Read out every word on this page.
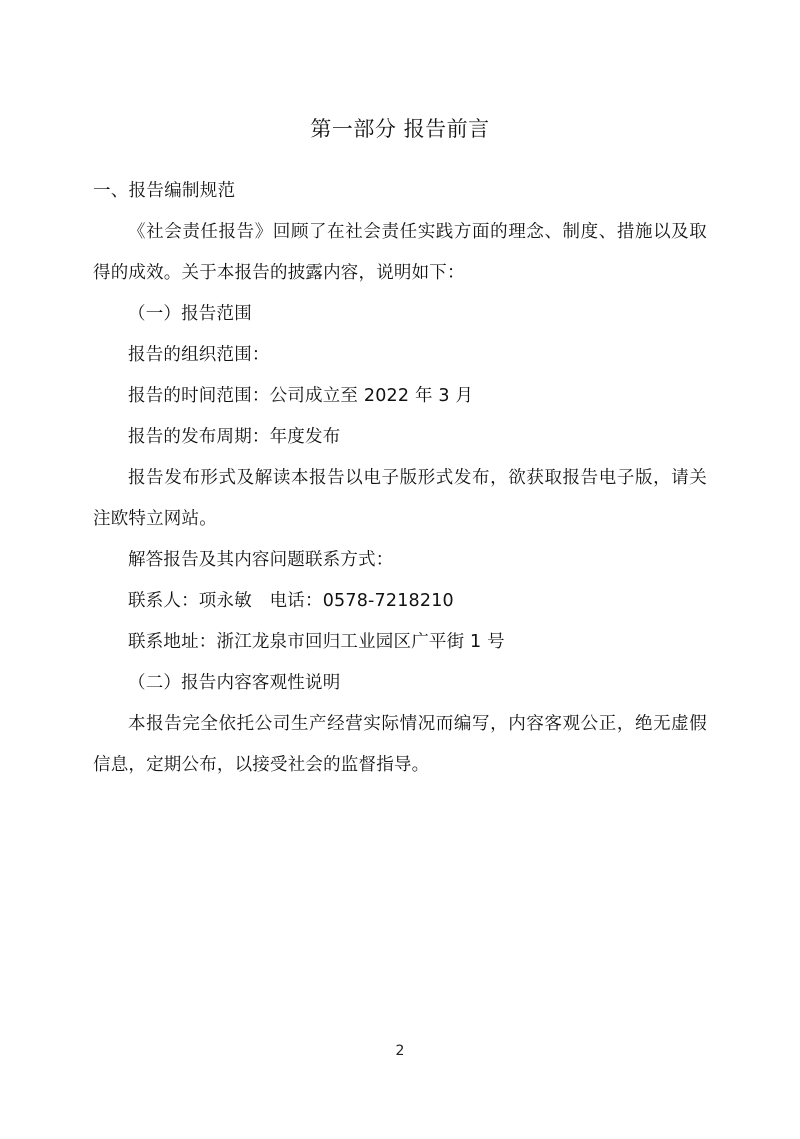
第一部分 报告前言
一、报告编制规范

《社会责任报告》回顾了在社会责任实践方面的理念、制度、措施以及取得的成效。关于本报告的披露内容，说明如下：

（一）报告范围

报告的组织范围：

报告的时间范围：公司成立至 2022 年 3 月

报告的发布周期：年度发布

报告发布形式及解读本报告以电子版形式发布，欲获取报告电子版，请关注欧特立网站。

解答报告及其内容问题联系方式：

联系人：项永敏　电话：0578-7218210

联系地址：浙江龙泉市回归工业园区广平街 1 号

（二）报告内容客观性说明

本报告完全依托公司生产经营实际情况而编写，内容客观公正，绝无虚假信息，定期公布，以接受社会的监督指导。

2
